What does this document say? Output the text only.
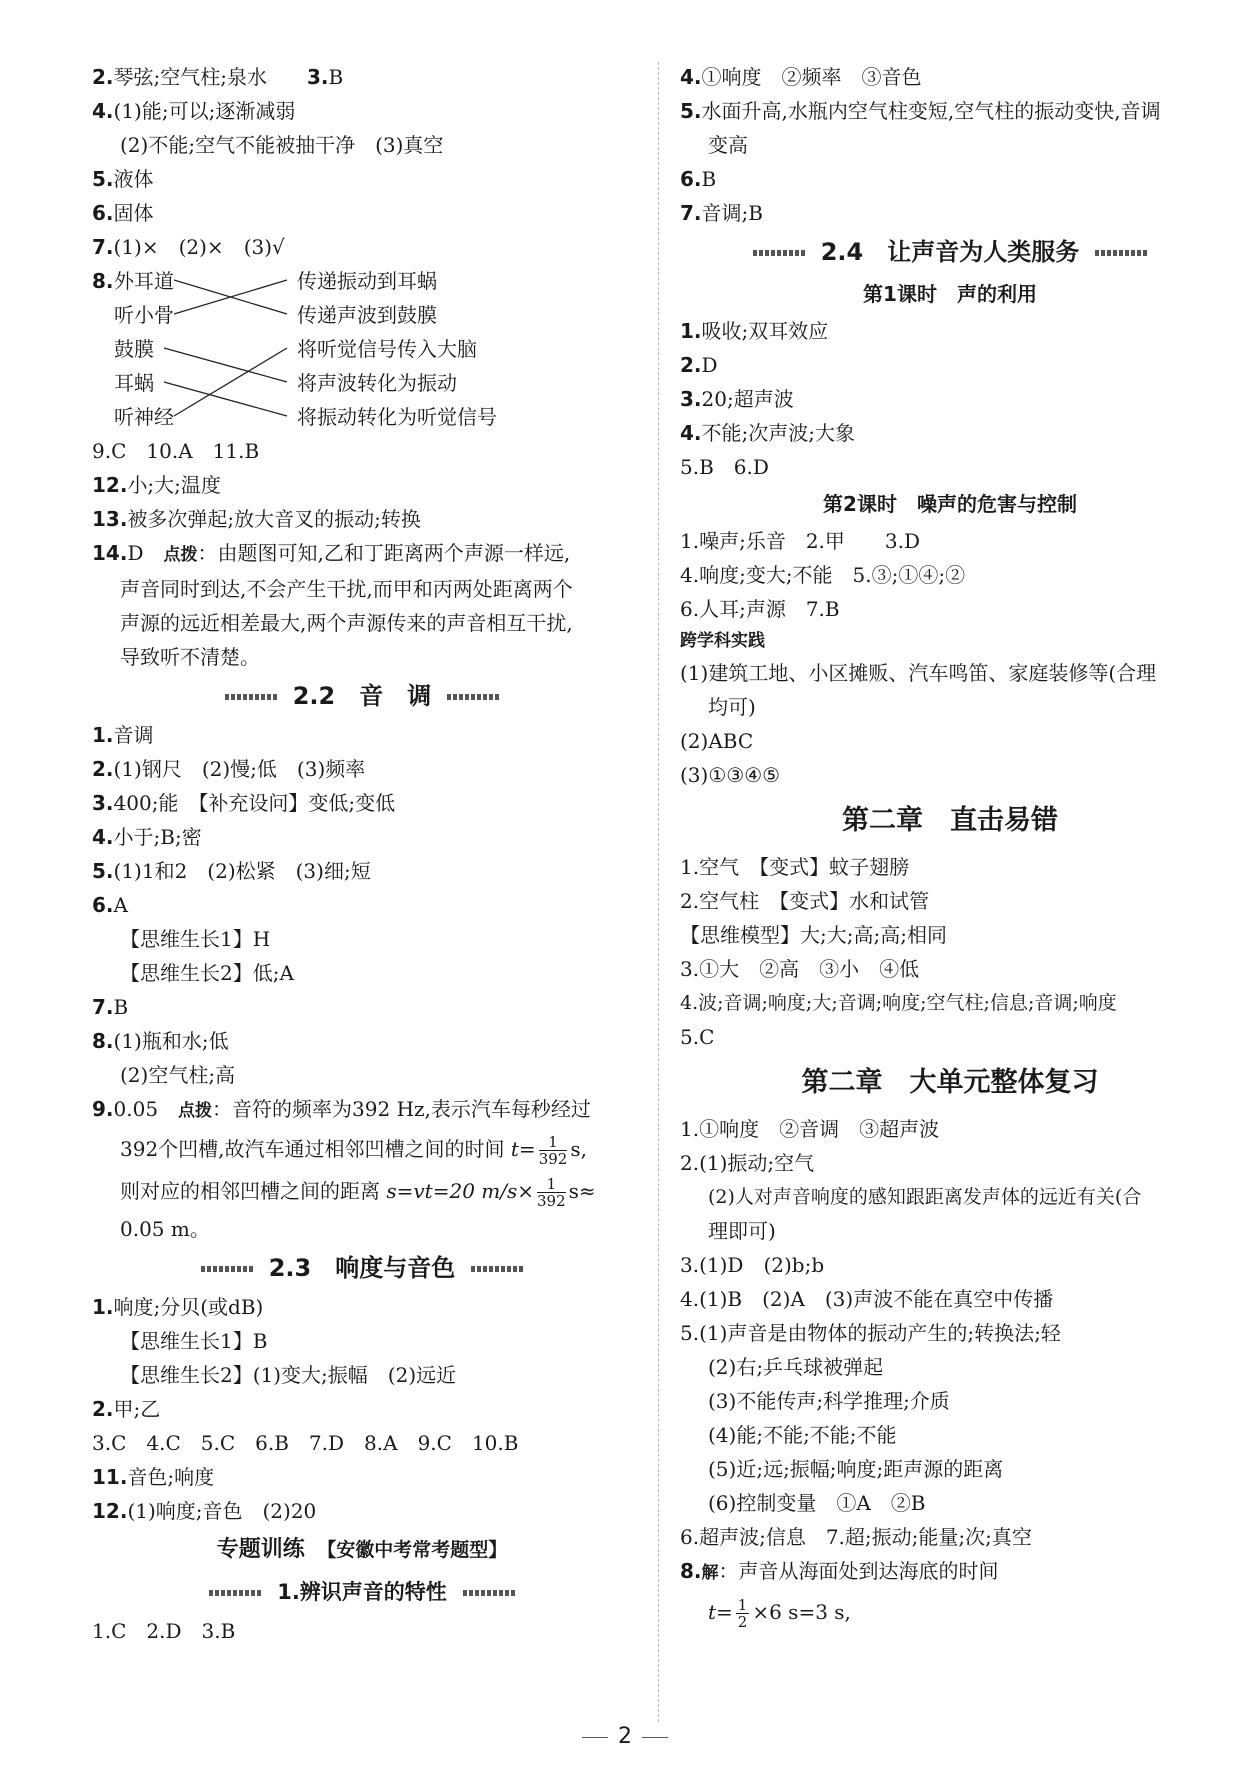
2.琴弦;空气柱;泉水　　 3.B
4.(1)能;可以;逐渐减弱
(2)不能;空气不能被抽干净　(3)真空
5.液体
6.固体
7.(1)×　(2)×　(3)√
8. 外耳道
听小骨
鼓膜
耳蜗
听神经
传递振动到耳蜗
传递声波到鼓膜
将听觉信号传入大脑
将声波转化为振动
将振动转化为听觉信号
9.C　10.A　11.B
12.小;大;温度
13.被多次弹起;放大音叉的振动;转换
14.D　 点拨：由题图可知,乙和丁距离两个声源一样远,
声音同时到达,不会产生干扰,而甲和丙两处距离两个
声源的远近相差最大,两个声源传来的声音相互干扰,
导致听不清楚。
2.2　音　调
1.音调
2.(1)钢尺　(2)慢;低　(3)频率
3.400;能　【补充设问】变低;变低
4.小于;B;密
5.(1)1和2　(2)松紧　(3)细;短
6.A
【思维生长1】H
【思维生长2】低;A
7.B
8.(1)瓶和水;低
(2)空气柱;高
9.0.05　 点拨：音符的频率为392 Hz,表示汽车每秒经过
392个凹槽,故汽车通过相邻凹槽之间的时间 $t= \frac{1}{392} s$,
则对应的相邻凹槽之间的距离 s=vt=20 $m/s\times \frac{1}{392} s\approx$
0.05 m。
2.3　响度与音色
1.响度;分贝(或dB)
【思维生长1】B
【思维生长2】(1)变大;振幅　(2)远近
2.甲;乙
3.C　4.C　5.C　6.B　7.D　8.A　9.C　10.B
11.音色;响度
12.(1)响度;音色　(2)20
专题训练　 【安徽中考常考题型】
1.辨识声音的特性
1.C　2.D　3.B
4.①响度　②频率　③音色
5.水面升高,水瓶内空气柱变短,空气柱的振动变快,音调
变高
6.B
7.音调;B
2.4　让声音为人类服务
第1课时　声的利用
1.吸收;双耳效应
2.D
3.20;超声波
4.不能;次声波;大象
5.B　6.D
第2课时　噪声的危害与控制
1.噪声;乐音　2.甲　　3.D
4.响度;变大;不能　5.③;①④;②
6.人耳;声源　7.B
跨学科实践
(1)建筑工地、小区摊贩、汽车鸣笛、家庭装修等(合理
均可)
(2)ABC
(3)①③④⑤
第二章　直击易错
1.空气　【变式】蚊子翅膀
2.空气柱　【变式】水和试管
【思维模型】大;大;高;高;相同
3.①大　②高　③小　④低
4.波;音调;响度;大;音调;响度;空气柱;信息;音调;响度
5.C
第二章　大单元整体复习
1.①响度　②音调　③超声波
2.(1)振动;空气
(2)人对声音响度的感知跟距离发声体的远近有关(合
理即可)
3.(1)D　(2)b;b
4.(1)B　(2)A　(3)声波不能在真空中传播
5.(1)声音是由物体的振动产生的;转换法;轻
(2)右;乒乓球被弹起
(3)不能传声;科学推理;介质
(4)能;不能;不能;不能
(5)近;远;振幅;响度;距声源的距离
(6)控制变量　①A　②B
6.超声波;信息　7.超;振动;能量;次;真空
8.解：声音从海面处到达海底的时间
$t= \frac{1}{2} \times 6$ s=3 s,
2
